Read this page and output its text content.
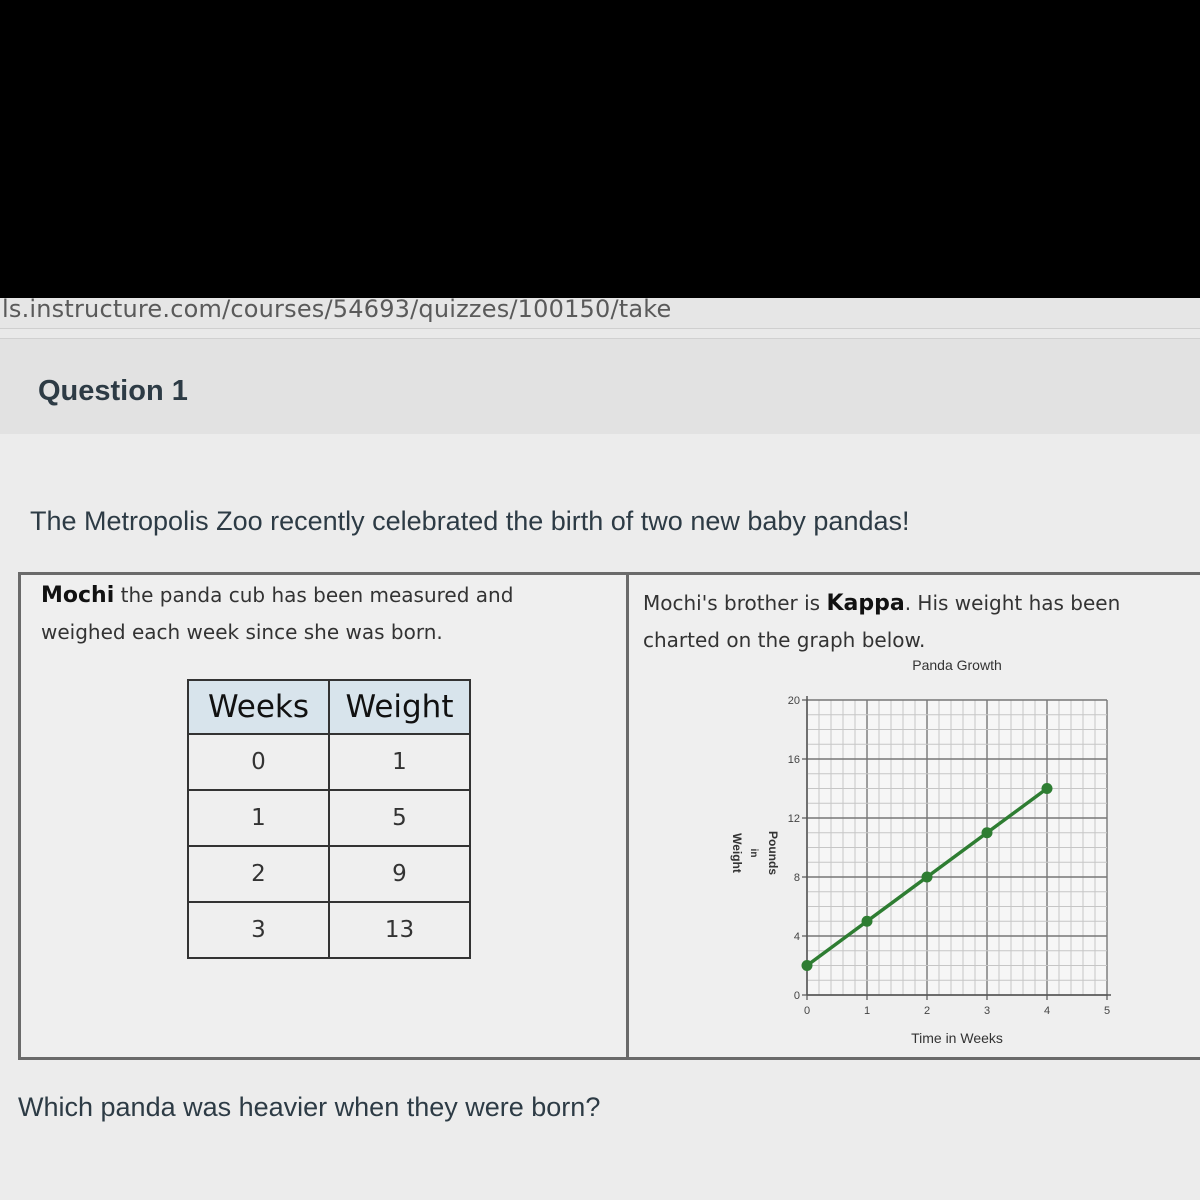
ls.instructure.com/courses/54693/quizzes/100150/take
Question 1
The Metropolis Zoo recently celebrated the birth of two new baby pandas!
Mochi the panda cub has been measured and
weighed each week since she was born.
Weeks	Weight
0	1
1	5
2	9
3	13
Mochi's brother is Kappa. His weight has been
charted on the graph below.
0
4
8
12
16
20
0	1	2	3	4	5
Panda Growth
Time in Weeks
Weight in Pounds
Which panda was heavier when they were born?
